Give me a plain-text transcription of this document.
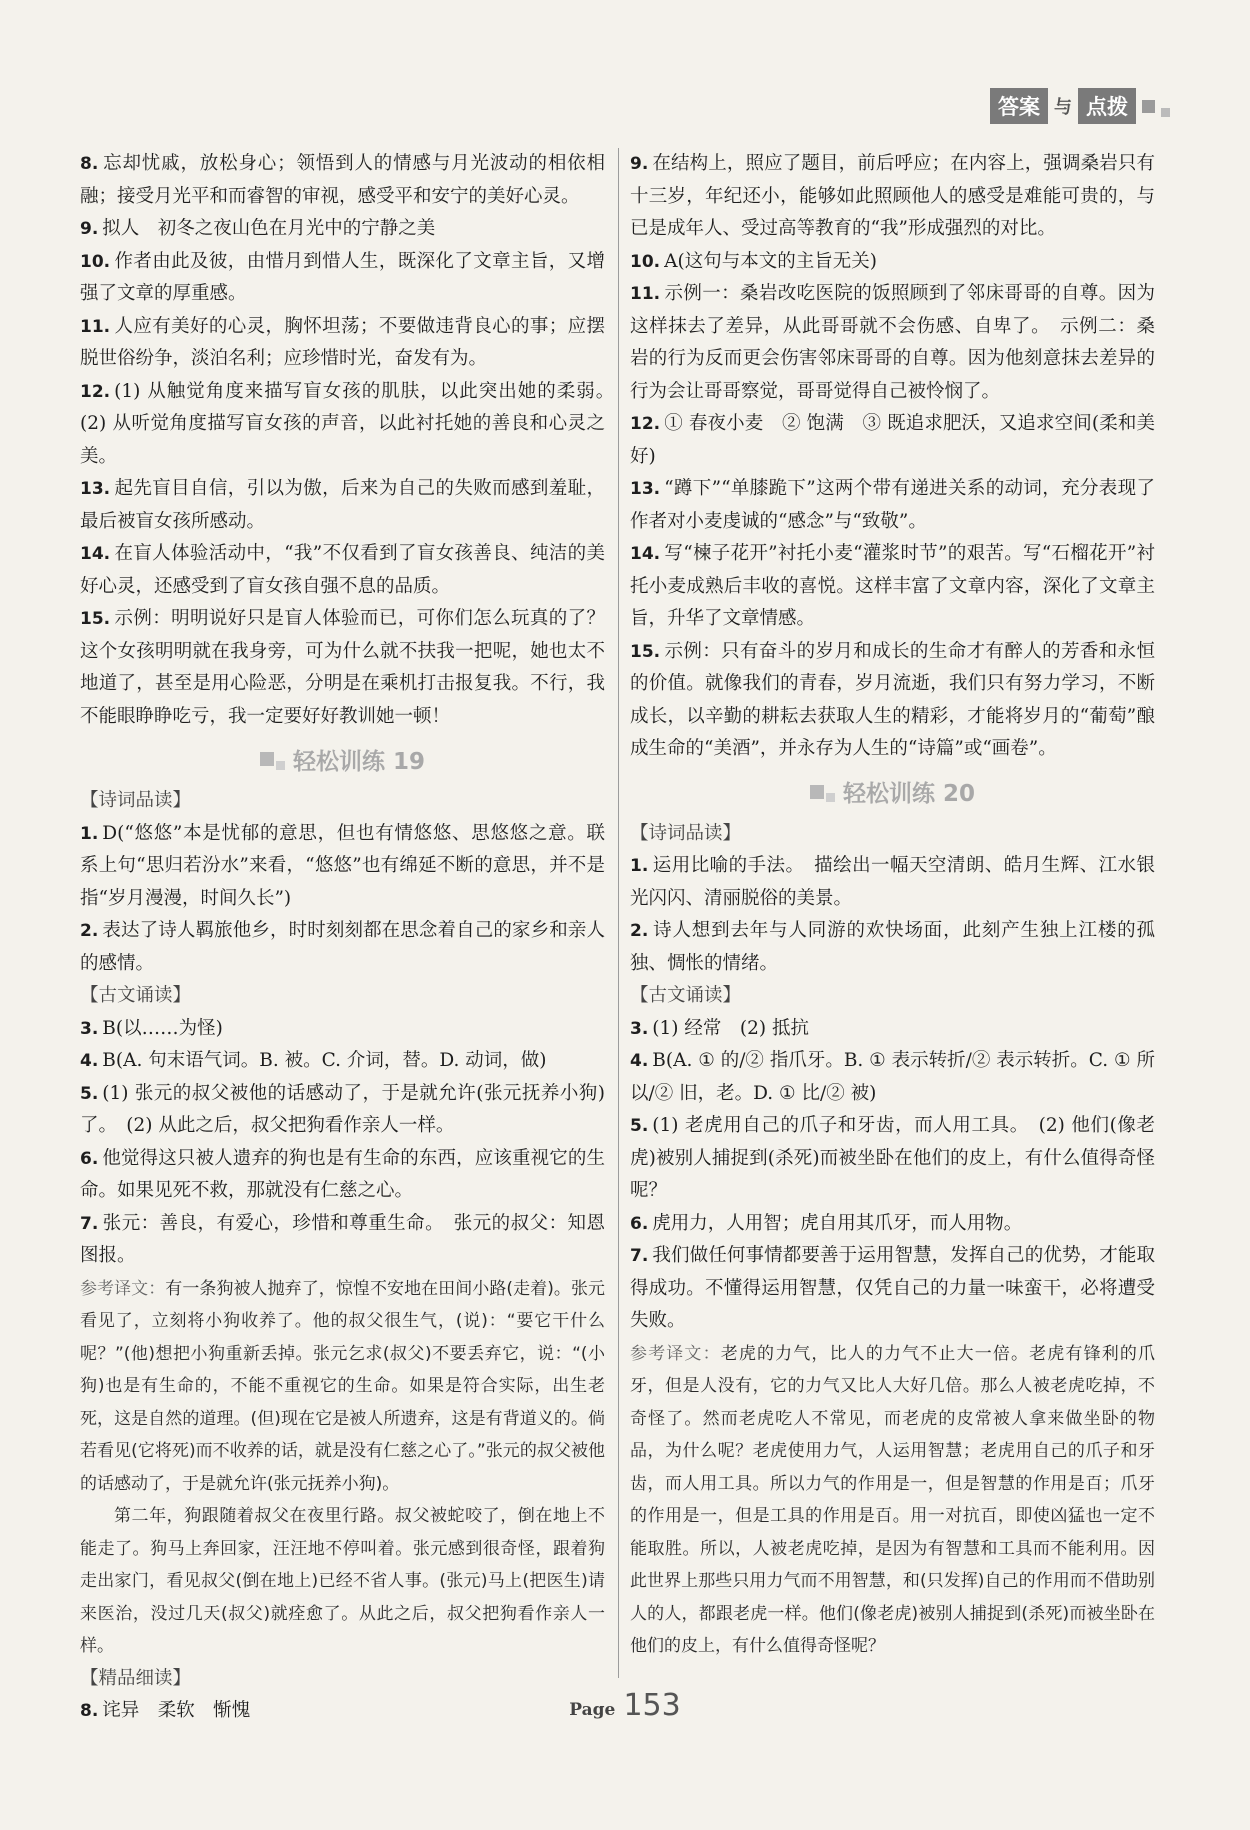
答案 与 点拨

8. 忘却忧戚，放松身心；领悟到人的情感与月光波动的相依相融；接受月光平和而睿智的审视，感受平和安宁的美好心灵。

9. 拟人　初冬之夜山色在月光中的宁静之美

10. 作者由此及彼，由惜月到惜人生，既深化了文章主旨，又增强了文章的厚重感。

11. 人应有美好的心灵，胸怀坦荡；不要做违背良心的事；应摆脱世俗纷争，淡泊名利；应珍惜时光，奋发有为。

12. (1) 从触觉角度来描写盲女孩的肌肤，以此突出她的柔弱。　(2) 从听觉角度描写盲女孩的声音，以此衬托她的善良和心灵之美。

13. 起先盲目自信，引以为傲，后来为自己的失败而感到羞耻，最后被盲女孩所感动。

14. 在盲人体验活动中，“我”不仅看到了盲女孩善良、纯洁的美好心灵，还感受到了盲女孩自强不息的品质。

15. 示例：明明说好只是盲人体验而已，可你们怎么玩真的了？这个女孩明明就在我身旁，可为什么就不扶我一把呢，她也太不地道了，甚至是用心险恶，分明是在乘机打击报复我。不行，我不能眼睁睁吃亏，我一定要好好教训她一顿！

轻松训练 19

【诗词品读】

1. D(“悠悠”本是忧郁的意思，但也有情悠悠、思悠悠之意。联系上句“思归若汾水”来看，“悠悠”也有绵延不断的意思，并不是指“岁月漫漫，时间久长”)

2. 表达了诗人羁旅他乡，时时刻刻都在思念着自己的家乡和亲人的感情。

【古文诵读】

3. B(以……为怪)

4. B(A. 句末语气词。B. 被。C. 介词，替。D. 动词，做)

5. (1) 张元的叔父被他的话感动了，于是就允许(张元抚养小狗)了。　(2) 从此之后，叔父把狗看作亲人一样。

6. 他觉得这只被人遗弃的狗也是有生命的东西，应该重视它的生命。如果见死不救，那就没有仁慈之心。

7. 张元：善良，有爱心，珍惜和尊重生命。　张元的叔父：知恩图报。

参考译文：有一条狗被人抛弃了，惊惶不安地在田间小路(走着)。张元看见了，立刻将小狗收养了。他的叔父很生气，(说)：“要它干什么呢？”(他)想把小狗重新丢掉。张元乞求(叔父)不要丢弃它，说：“(小狗)也是有生命的，不能不重视它的生命。如果是符合实际，出生老死，这是自然的道理。(但)现在它是被人所遗弃，这是有背道义的。倘若看见(它将死)而不收养的话，就是没有仁慈之心了。”张元的叔父被他的话感动了，于是就允许(张元抚养小狗)。

第二年，狗跟随着叔父在夜里行路。叔父被蛇咬了，倒在地上不能走了。狗马上奔回家，汪汪地不停叫着。张元感到很奇怪，跟着狗走出家门，看见叔父(倒在地上)已经不省人事。(张元)马上(把医生)请来医治，没过几天(叔父)就痊愈了。从此之后，叔父把狗看作亲人一样。

【精品细读】

8. 诧异　柔软　惭愧

9. 在结构上，照应了题目，前后呼应；在内容上，强调桑岩只有十三岁，年纪还小，能够如此照顾他人的感受是难能可贵的，与已是成年人、受过高等教育的“我”形成强烈的对比。

10. A(这句与本文的主旨无关)

11. 示例一：桑岩改吃医院的饭照顾到了邻床哥哥的自尊。因为这样抹去了差异，从此哥哥就不会伤感、自卑了。　示例二：桑岩的行为反而更会伤害邻床哥哥的自尊。因为他刻意抹去差异的行为会让哥哥察觉，哥哥觉得自己被怜悯了。

12. ① 春夜小麦　② 饱满　③ 既追求肥沃，又追求空间(柔和美好)

13. “蹲下”“单膝跪下”这两个带有递进关系的动词，充分表现了作者对小麦虔诚的“感念”与“致敬”。

14. 写“楝子花开”衬托小麦“灌浆时节”的艰苦。写“石榴花开”衬托小麦成熟后丰收的喜悦。这样丰富了文章内容，深化了文章主旨，升华了文章情感。

15. 示例：只有奋斗的岁月和成长的生命才有醉人的芳香和永恒的价值。就像我们的青春，岁月流逝，我们只有努力学习，不断成长，以辛勤的耕耘去获取人生的精彩，才能将岁月的“葡萄”酿成生命的“美酒”，并永存为人生的“诗篇”或“画卷”。

轻松训练 20

【诗词品读】

1. 运用比喻的手法。　描绘出一幅天空清朗、皓月生辉、江水银光闪闪、清丽脱俗的美景。

2. 诗人想到去年与人同游的欢快场面，此刻产生独上江楼的孤独、惆怅的情绪。

【古文诵读】

3. (1) 经常　(2) 抵抗

4. B(A. ① 的/② 指爪牙。B. ① 表示转折/② 表示转折。C. ① 所以/② 旧，老。D. ① 比/② 被)

5. (1) 老虎用自己的爪子和牙齿，而人用工具。　(2) 他们(像老虎)被别人捕捉到(杀死)而被坐卧在他们的皮上，有什么值得奇怪呢？

6. 虎用力，人用智；虎自用其爪牙，而人用物。

7. 我们做任何事情都要善于运用智慧，发挥自己的优势，才能取得成功。不懂得运用智慧，仅凭自己的力量一味蛮干，必将遭受失败。

参考译文：老虎的力气，比人的力气不止大一倍。老虎有锋利的爪牙，但是人没有，它的力气又比人大好几倍。那么人被老虎吃掉，不奇怪了。然而老虎吃人不常见，而老虎的皮常被人拿来做坐卧的物品，为什么呢？老虎使用力气，人运用智慧；老虎用自己的爪子和牙齿，而人用工具。所以力气的作用是一，但是智慧的作用是百；爪牙的作用是一，但是工具的作用是百。用一对抗百，即使凶猛也一定不能取胜。所以，人被老虎吃掉，是因为有智慧和工具而不能利用。因此世界上那些只用力气而不用智慧，和(只发挥)自己的作用而不借助别人的人，都跟老虎一样。他们(像老虎)被别人捕捉到(杀死)而被坐卧在他们的皮上，有什么值得奇怪呢？

Page 153
